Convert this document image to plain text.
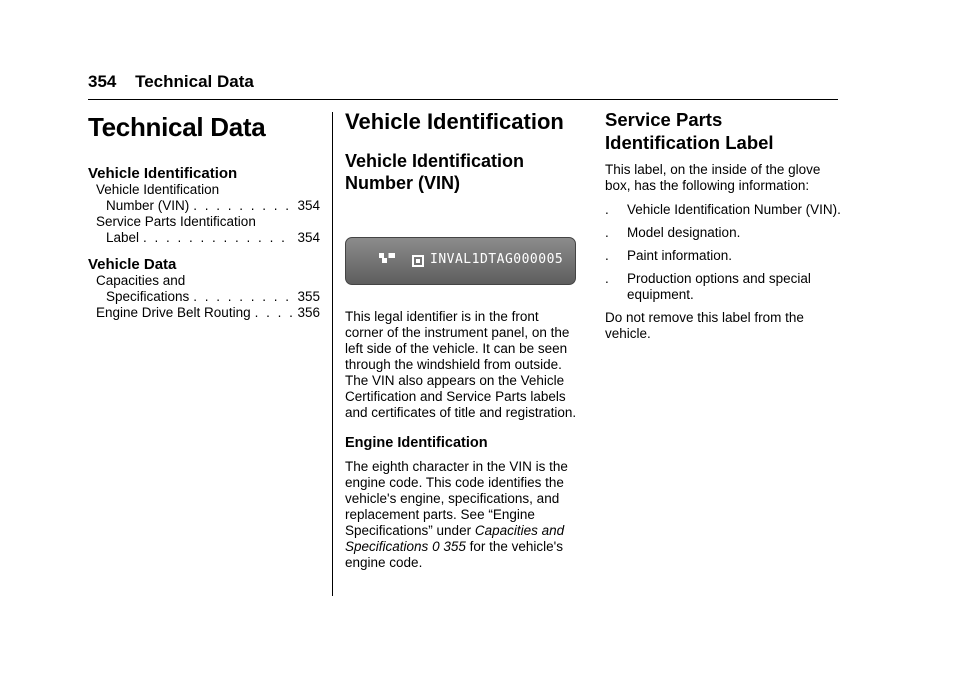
354 Technical Data
Technical Data
Vehicle Identification
Vehicle Identification
Number (VIN) . . .	354
Service Parts Identification
Label . . .	354
Vehicle Data
Capacities and
Specifications . . .	355
Engine Drive Belt Routing . . .	356
Vehicle Identification
Vehicle Identification
Number (VIN)
INVAL1DTAG000005
This legal identifier is in the front corner of the instrument panel, on the left side of the vehicle. It can be seen through the windshield from outside. The VIN also appears on the Vehicle Certification and Service Parts labels and certificates of title and registration.
Engine Identification
The eighth character in the VIN is the engine code. This code identifies the vehicle's engine, specifications, and replacement parts. See “Engine Specifications” under Capacities and Specifications 0 355 for the vehicle's engine code.
Service Parts
Identification Label
This label, on the inside of the glove box, has the following information:
.	Vehicle Identification Number (VIN).
.	Model designation.
.	Paint information.
.	Production options and special equipment.
Do not remove this label from the vehicle.
